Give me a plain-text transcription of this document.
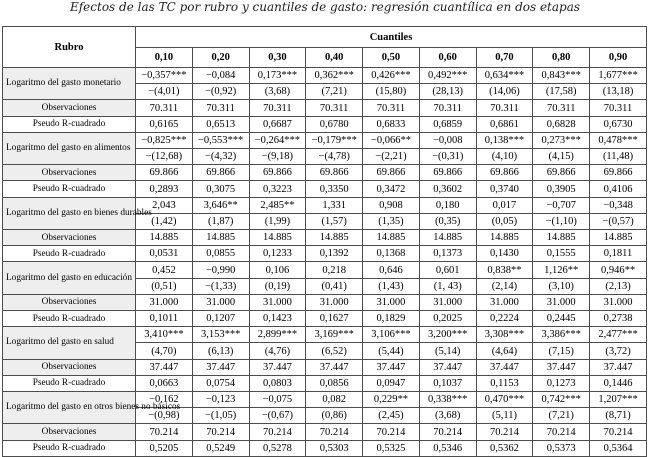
Efectos de las TC por rubro y cuantiles de gasto: regresión cuantílica en dos etapas
Rubro	Cuantiles								
	0,10	0,20	0,30	0,40	0,50	0,60	0,70	0,80	0,90
Logaritmo del gasto monetario	−0,357***	−0,084	0,173***	0,362***	0,426***	0,492***	0,634***	0,843***	1,677***
	−(4,01)	−(0,92)	(3,68)	(7,21)	(15,80)	(28,13)	(14,06)	(17,58)	(13,18)
Observaciones	70.311	70.311	70.311	70.311	70.311	70.311	70.311	70.311	70.311
Pseudo R-cuadrado	0,6165	0,6513	0,6687	0,6780	0,6833	0,6859	0,6861	0,6828	0,6730
Logaritmo del gasto en alimentos	−0,825***	−0,553***	−0,264***	−0,179***	−0,066**	−0,008	0,138***	0,273***	0,478***
	−(12,68)	−(4,32)	−(9,18)	−(4,78)	−(2,21)	−(0,31)	(4,10)	(4,15)	(11,48)
Observaciones	69.866	69.866	69.866	69.866	69.866	69.866	69.866	69.866	69.866
Pseudo R-cuadrado	0,2893	0,3075	0,3223	0,3350	0,3472	0,3602	0,3740	0,3905	0,4106
Logaritmo del gasto en bienes durables	2,043	3,646**	2,485**	1,331	0,908	0,180	0,017	−0,707	−0,348
	(1,42)	(1,87)	(1,99)	(1,57)	(1,35)	(0,35)	(0,05)	−(1,10)	−(0,57)
Observaciones	14.885	14.885	14.885	14.885	14.885	14.885	14.885	14.885	14.885
Pseudo R-cuadrado	0,0531	0,0855	0,1233	0,1392	0,1368	0,1373	0,1430	0,1555	0,1811
Logaritmo del gasto en educación	0,452	−0,990	0,106	0,218	0,646	0,601	0,838**	1,126**	0,946**
	(0,51)	−(1,33)	(0,19)	(0,41)	(1,43)	(1, 43)	(2,14)	(3,10)	(2,13)
Observaciones	31.000	31.000	31.000	31.000	31.000	31.000	31.000	31.000	31.000
Pseudo R-cuadrado	0,1011	0,1207	0,1423	0,1627	0,1829	0,2025	0,2224	0,2445	0,2738
Logaritmo del gasto en salud	3,410***	3,153***	2,899***	3,169***	3,106***	3,200***	3,308***	3,386***	2,477***
	(4,70)	(6,13)	(4,76)	(6,52)	(5,44)	(5,14)	(4,64)	(7,15)	(3,72)
Observaciones	37.447	37.447	37.447	37.447	37.447	37.447	37.447	37.447	37.447
Pseudo R-cuadrado	0,0663	0,0754	0,0803	0,0856	0,0947	0,1037	0,1153	0,1273	0,1446
Logaritmo del gasto en otros bienes no básicos	−0,162	−0,123	−0,075	0,082	0,229**	0,338***	0,470***	0,742***	1,207***
	−(0,98)	−(1,05)	−(0,67)	(0,86)	(2,45)	(3,68)	(5,11)	(7,21)	(8,71)
Observaciones	70.214	70.214	70.214	70.214	70.214	70.214	70.214	70.214	70.214
Pseudo R-cuadrado	0,5205	0,5249	0,5278	0,5303	0,5325	0,5346	0,5362	0,5373	0,5364
